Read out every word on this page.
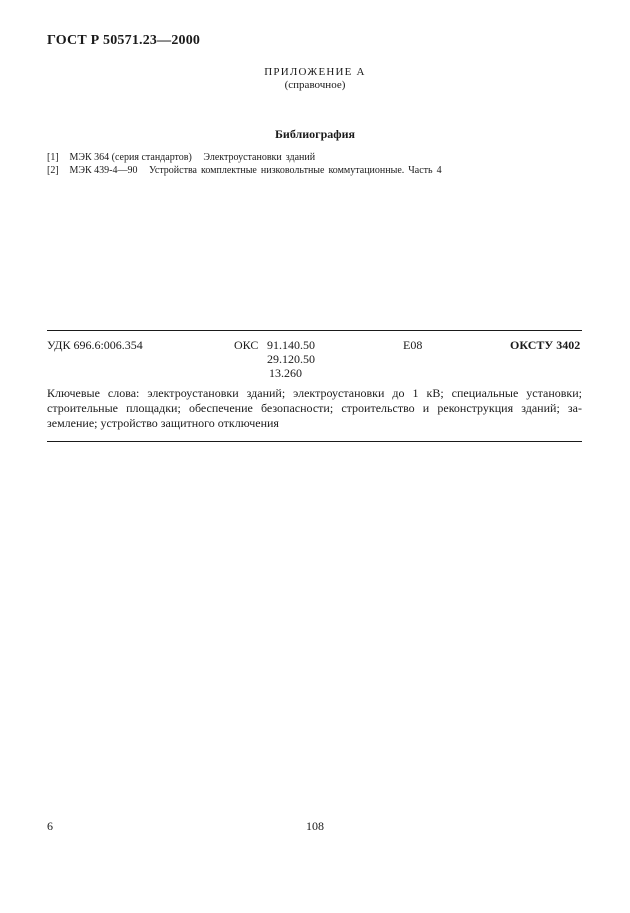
ГОСТ Р 50571.23—2000
ПРИЛОЖЕНИЕ А
(справочное)
Библиография
[1] МЭК 364 (серия стандартов) Электроустановки зданий
[2] МЭК 439-4—90 Устройства комплектные низковольтные коммутационные. Часть 4
УДК 696.6:006.354	ОКС 91.140.50
29.120.50
13.260
Е08	ОКСТУ 3402
Ключевые слова: электроустановки зданий; электроустановки до 1 кВ; специальные установки;
строительные площадки; обеспечение безопасности; строительство и реконструкция зданий; за-
земление; устройство защитного отключения
6	108
